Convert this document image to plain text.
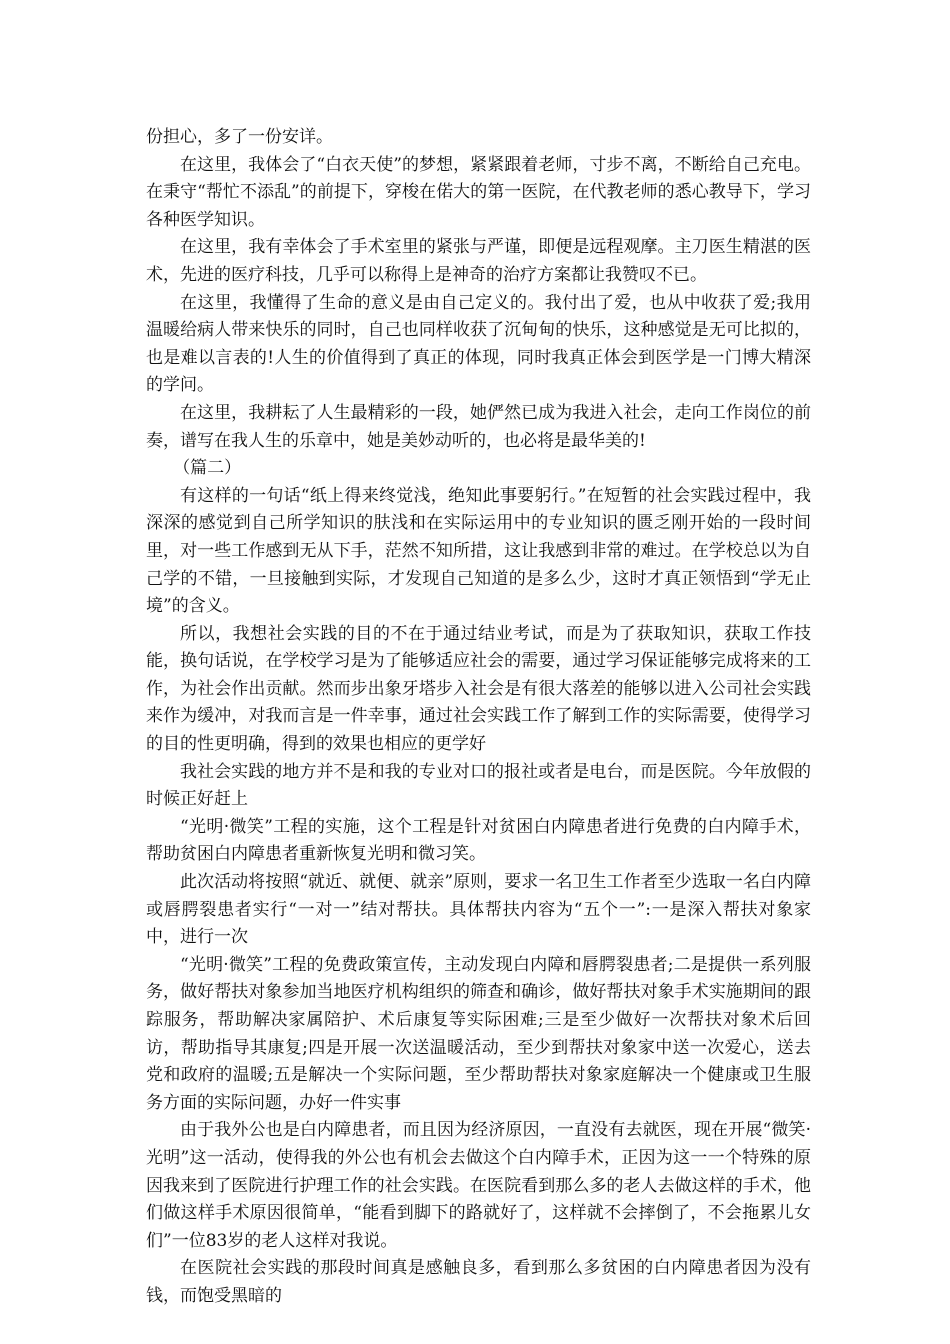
份担心，多了一份安详。

在这里，我体会了“白衣天使”的梦想，紧紧跟着老师，寸步不离，不断给自己充电。在秉守“帮忙不添乱”的前提下，穿梭在偌大的第一医院，在代教老师的悉心教导下，学习各种医学知识。

在这里，我有幸体会了手术室里的紧张与严谨，即便是远程观摩。主刀医生精湛的医术，先进的医疗科技，几乎可以称得上是神奇的治疗方案都让我赞叹不已。

在这里，我懂得了生命的意义是由自己定义的。我付出了爱，也从中收获了爱;我用温暖给病人带来快乐的同时，自己也同样收获了沉甸甸的快乐，这种感觉是无可比拟的，也是难以言表的!人生的价值得到了真正的体现，同时我真正体会到医学是一门博大精深的学问。

在这里，我耕耘了人生最精彩的一段，她俨然已成为我进入社会，走向工作岗位的前奏，谱写在我人生的乐章中，她是美妙动听的，也必将是最华美的!

（篇二）

有这样的一句话“纸上得来终觉浅，绝知此事要躬行。”在短暂的社会实践过程中，我深深的感觉到自己所学知识的肤浅和在实际运用中的专业知识的匮乏刚开始的一段时间里，对一些工作感到无从下手，茫然不知所措，这让我感到非常的难过。在学校总以为自己学的不错，一旦接触到实际，才发现自己知道的是多么少，这时才真正领悟到“学无止境”的含义。

所以，我想社会实践的目的不在于通过结业考试，而是为了获取知识，获取工作技能，换句话说，在学校学习是为了能够适应社会的需要，通过学习保证能够完成将来的工作，为社会作出贡献。然而步出象牙塔步入社会是有很大落差的能够以进入公司社会实践来作为缓冲，对我而言是一件幸事，通过社会实践工作了解到工作的实际需要，使得学习的目的性更明确，得到的效果也相应的更学好

我社会实践的地方并不是和我的专业对口的报社或者是电台，而是医院。今年放假的时候正好赶上

“光明·微笑”工程的实施，这个工程是针对贫困白内障患者进行免费的白内障手术，帮助贫困白内障患者重新恢复光明和微习笑。

此次活动将按照“就近、就便、就亲”原则，要求一名卫生工作者至少选取一名白内障或唇腭裂患者实行“一对一”结对帮扶。具体帮扶内容为“五个一”:一是深入帮扶对象家中，进行一次

“光明·微笑”工程的免费政策宣传，主动发现白内障和唇腭裂患者;二是提供一系列服务，做好帮扶对象参加当地医疗机构组织的筛查和确诊，做好帮扶对象手术实施期间的跟踪服务，帮助解决家属陪护、术后康复等实际困难;三是至少做好一次帮扶对象术后回访，帮助指导其康复;四是开展一次送温暖活动，至少到帮扶对象家中送一次爱心，送去党和政府的温暖;五是解决一个实际问题，至少帮助帮扶对象家庭解决一个健康或卫生服务方面的实际问题，办好一件实事

由于我外公也是白内障患者，而且因为经济原因，一直没有去就医，现在开展“微笑·光明”这一活动，使得我的外公也有机会去做这个白内障手术，正因为这一一个特殊的原因我来到了医院进行护理工作的社会实践。在医院看到那么多的老人去做这样的手术，他们做这样手术原因很简单，“能看到脚下的路就好了，这样就不会摔倒了，不会拖累儿女们”一位83岁的老人这样对我说。

在医院社会实践的那段时间真是感触良多，看到那么多贫困的白内障患者因为没有钱，而饱受黑暗的
